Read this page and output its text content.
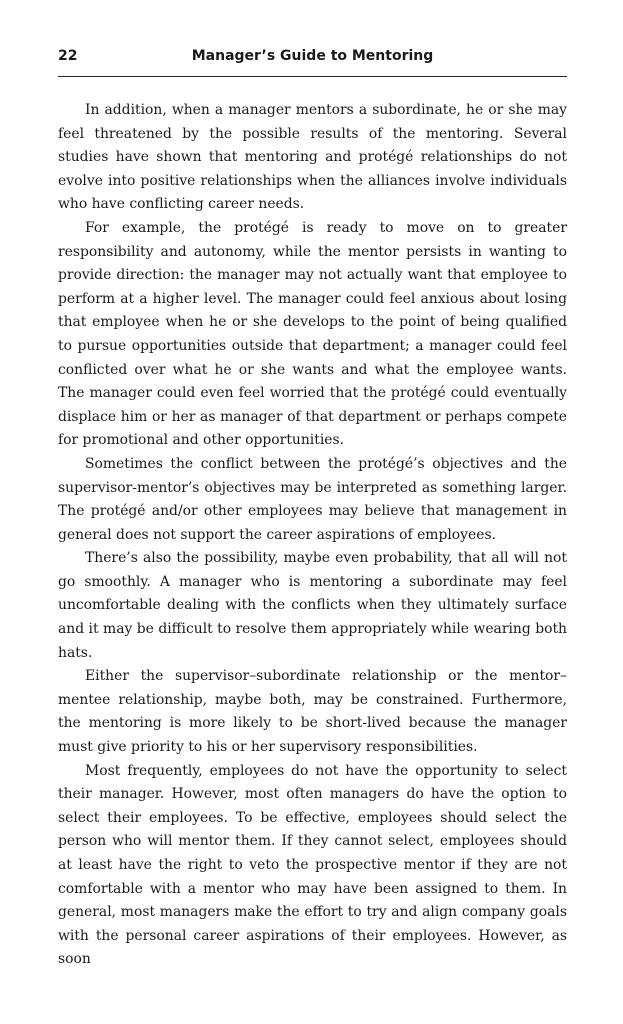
22	Manager’s Guide to Mentoring

In addition, when a manager mentors a subordinate, he or she may feel threatened by the possible results of the mentoring. Several studies have shown that mentoring and protégé relationships do not evolve into positive relationships when the alliances involve individuals who have conflicting career needs.

For example, the protégé is ready to move on to greater responsibility and autonomy, while the mentor persists in wanting to provide direction: the manager may not actually want that employee to perform at a higher level. The manager could feel anxious about losing that employee when he or she develops to the point of being qualified to pursue opportunities outside that department; a manager could feel conflicted over what he or she wants and what the employee wants. The manager could even feel worried that the protégé could eventually displace him or her as manager of that department or perhaps compete for promotional and other opportunities.

Sometimes the conflict between the protégé’s objectives and the supervisor-mentor’s objectives may be interpreted as something larger. The protégé and/or other employees may believe that management in general does not support the career aspirations of employees.

There’s also the possibility, maybe even probability, that all will not go smoothly. A manager who is mentoring a subordinate may feel uncomfortable dealing with the conflicts when they ultimately surface and it may be difficult to resolve them appropriately while wearing both hats.

Either the supervisor–subordinate relationship or the mentor–mentee relationship, maybe both, may be constrained. Furthermore, the mentoring is more likely to be short-lived because the manager must give priority to his or her supervisory responsibilities.

Most frequently, employees do not have the opportunity to select their manager. However, most often managers do have the option to select their employees. To be effective, employees should select the person who will mentor them. If they cannot select, employees should at least have the right to veto the prospective mentor if they are not comfortable with a mentor who may have been assigned to them. In general, most managers make the effort to try and align company goals with the personal career aspirations of their employees. However, as soon
